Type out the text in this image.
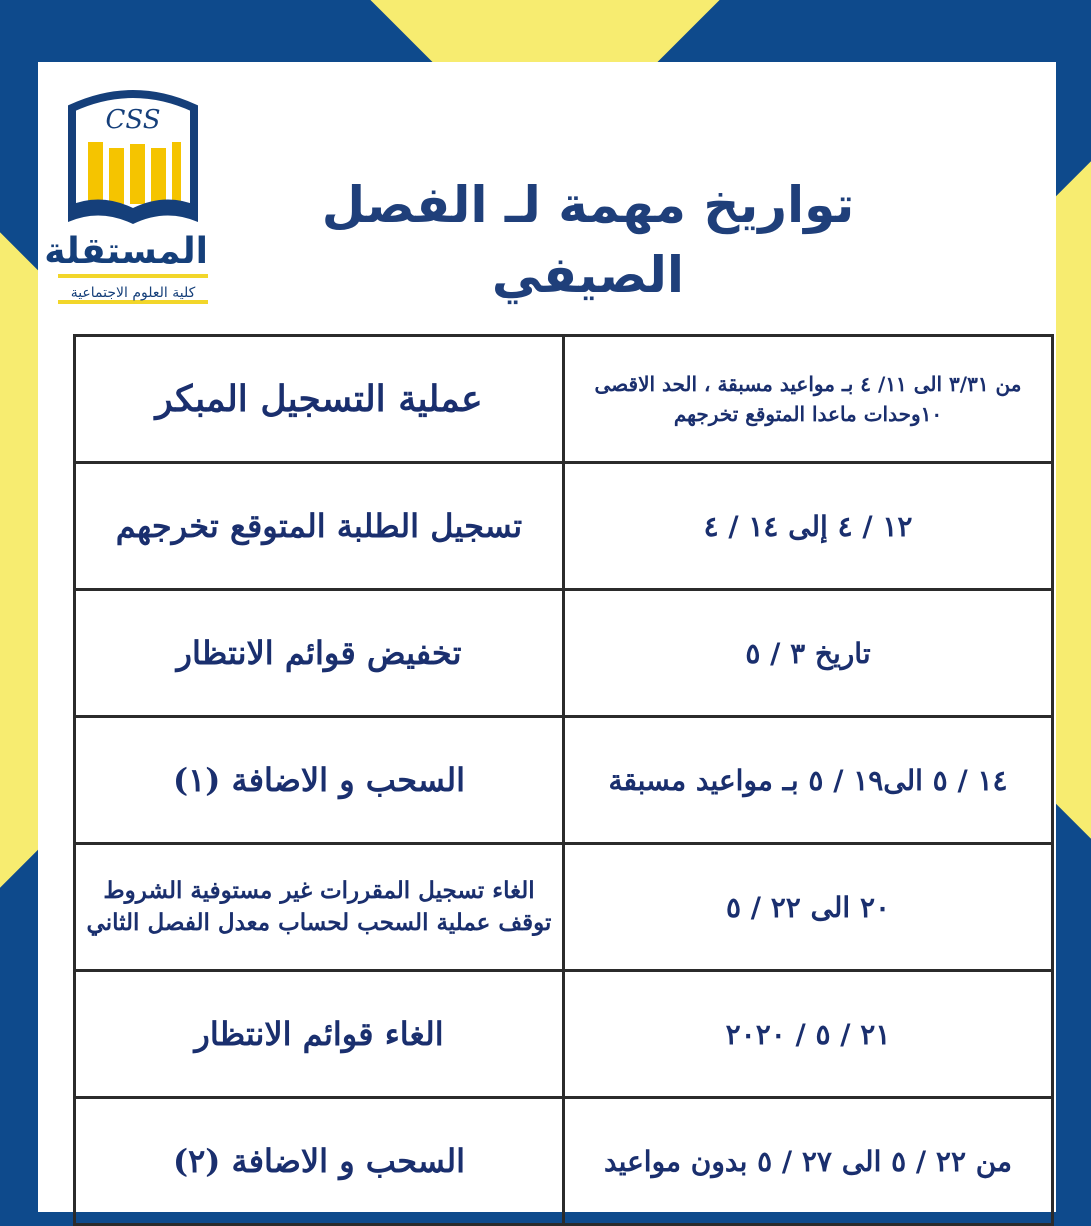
CSS
المستقلة
كلية العلوم الاجتماعية
تواريخ مهمة لـ الفصل الصيفي
عملية التسجيل المبكر	من ٣/٣١ الى ١١/ ٤ بـ مواعيد مسبقة ، الحد الاقصى ١٠وحدات ماعدا المتوقع تخرجهم
تسجيل الطلبة المتوقع تخرجهم	١٢ / ٤ إلى ١٤ / ٤
تخفيض قوائم الانتظار	تاريخ ٣ / ٥
السحب و الاضافة (١)	١٤ / ٥ الى١٩ / ٥ بـ مواعيد مسبقة
الغاء تسجيل المقررات غير مستوفية الشروط توقف عملية السحب لحساب معدل الفصل الثاني	٢٠ الى ٢٢ / ٥
الغاء قوائم الانتظار	٢١ / ٥ / ٢٠٢٠
السحب و الاضافة (٢)	من ٢٢ / ٥ الى ٢٧ / ٥ بدون مواعيد
